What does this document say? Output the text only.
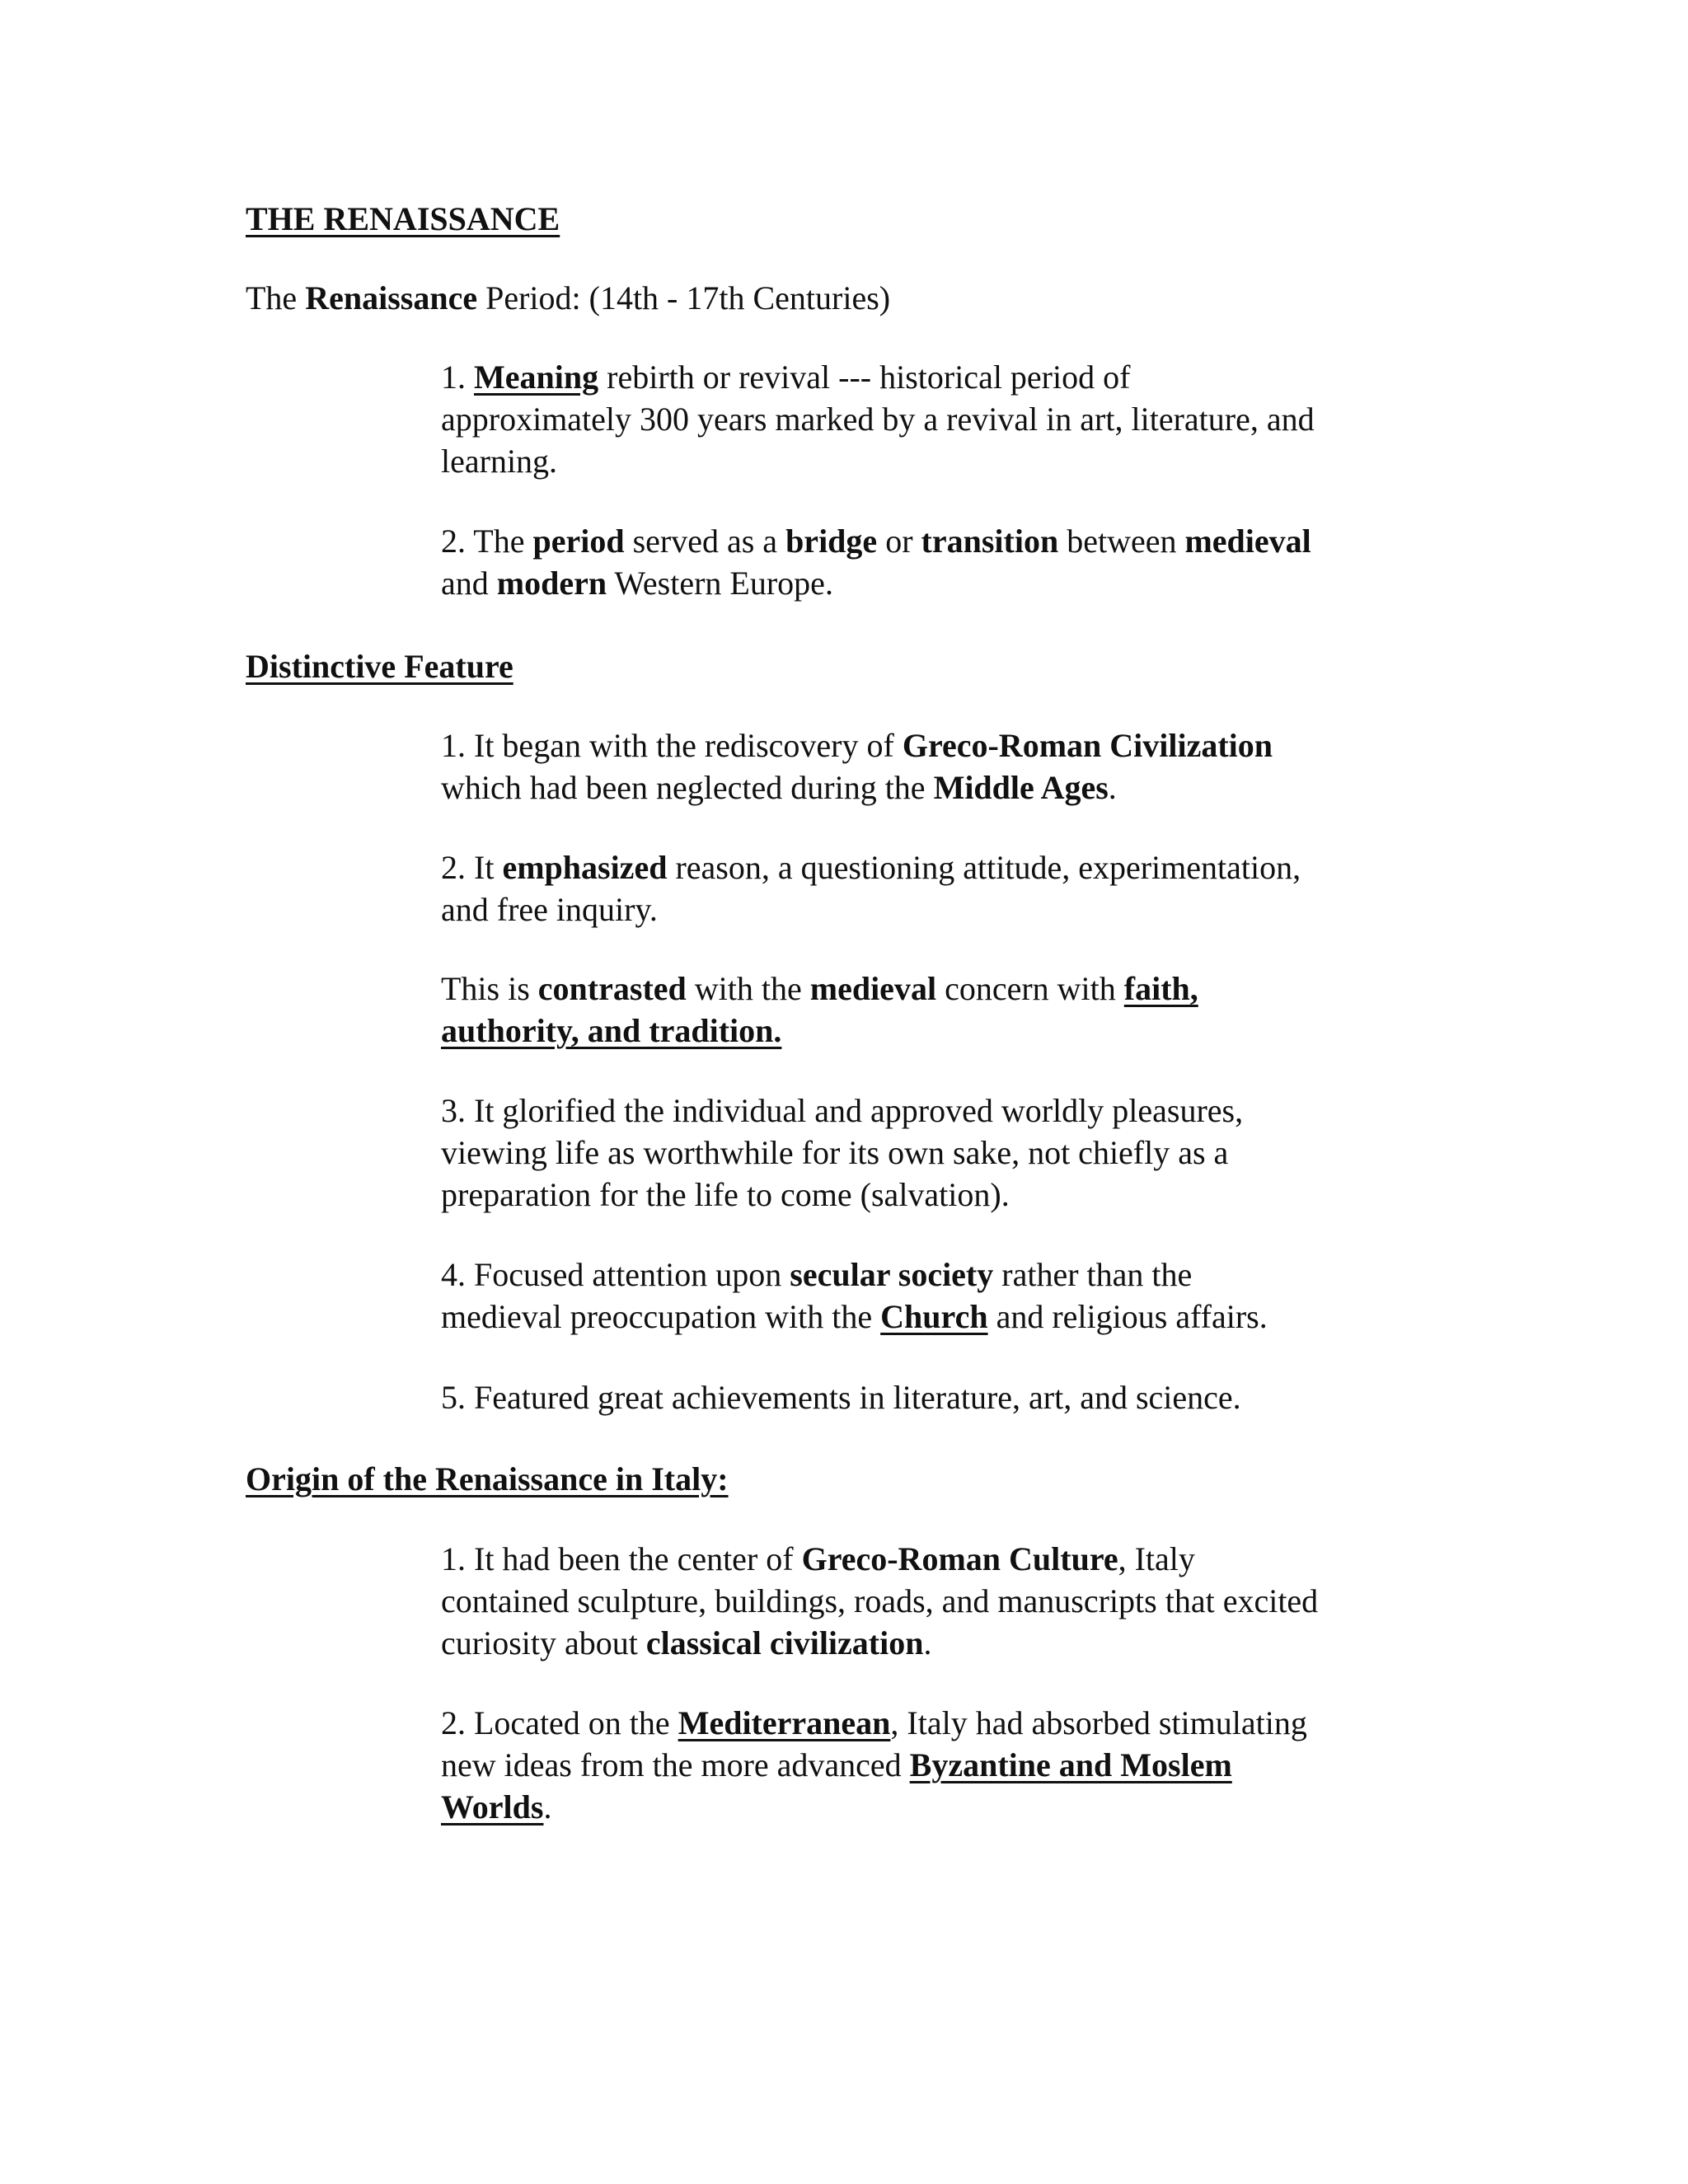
THE RENAISSANCE
The Renaissance Period: (14th - 17th Centuries)
1. Meaning rebirth or revival --- historical period of
approximately 300 years marked by a revival in art, literature, and
learning.
2. The period served as a bridge or transition between medieval
and modern Western Europe.
Distinctive Feature
1. It began with the rediscovery of Greco-Roman Civilization
which had been neglected during the Middle Ages.
2. It emphasized reason, a questioning attitude, experimentation,
and free inquiry.
This is contrasted with the medieval concern with faith,
authority, and tradition.
3. It glorified the individual and approved worldly pleasures,
viewing life as worthwhile for its own sake, not chiefly as a
preparation for the life to come (salvation).
4. Focused attention upon secular society rather than the
medieval preoccupation with the Church and religious affairs.
5. Featured great achievements in literature, art, and science.
Origin of the Renaissance in Italy:
1. It had been the center of Greco-Roman Culture, Italy
contained sculpture, buildings, roads, and manuscripts that excited
curiosity about classical civilization.
2. Located on the Mediterranean, Italy had absorbed stimulating
new ideas from the more advanced Byzantine and Moslem
Worlds.
